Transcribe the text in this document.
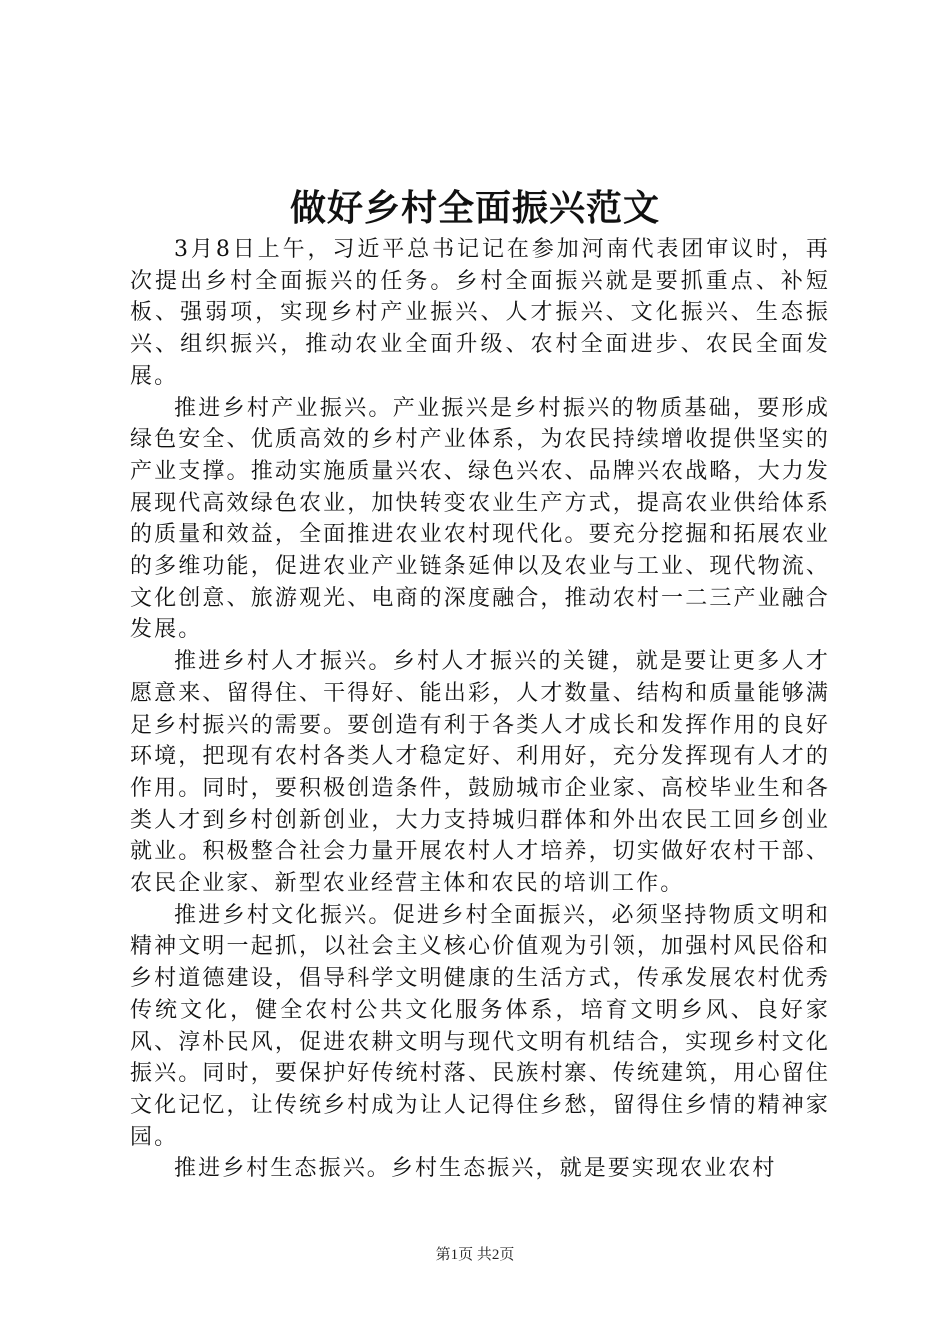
做好乡村全面振兴范文

3月8日上午，习近平总书记记在参加河南代表团审议时，再次提出乡村全面振兴的任务。乡村全面振兴就是要抓重点、补短板、强弱项，实现乡村产业振兴、人才振兴、文化振兴、生态振兴、组织振兴，推动农业全面升级、农村全面进步、农民全面发展。

推进乡村产业振兴。产业振兴是乡村振兴的物质基础，要形成绿色安全、优质高效的乡村产业体系，为农民持续增收提供坚实的产业支撑。推动实施质量兴农、绿色兴农、品牌兴农战略，大力发展现代高效绿色农业，加快转变农业生产方式，提高农业供给体系的质量和效益，全面推进农业农村现代化。要充分挖掘和拓展农业的多维功能，促进农业产业链条延伸以及农业与工业、现代物流、文化创意、旅游观光、电商的深度融合，推动农村一二三产业融合发展。

推进乡村人才振兴。乡村人才振兴的关键，就是要让更多人才愿意来、留得住、干得好、能出彩，人才数量、结构和质量能够满足乡村振兴的需要。要创造有利于各类人才成长和发挥作用的良好环境，把现有农村各类人才稳定好、利用好，充分发挥现有人才的作用。同时，要积极创造条件，鼓励城市企业家、高校毕业生和各类人才到乡村创新创业，大力支持城归群体和外出农民工回乡创业就业。积极整合社会力量开展农村人才培养，切实做好农村干部、农民企业家、新型农业经营主体和农民的培训工作。

推进乡村文化振兴。促进乡村全面振兴，必须坚持物质文明和精神文明一起抓，以社会主义核心价值观为引领，加强村风民俗和乡村道德建设，倡导科学文明健康的生活方式，传承发展农村优秀传统文化，健全农村公共文化服务体系，培育文明乡风、良好家风、淳朴民风，促进农耕文明与现代文明有机结合，实现乡村文化振兴。同时，要保护好传统村落、民族村寨、传统建筑，用心留住文化记忆，让传统乡村成为让人记得住乡愁，留得住乡情的精神家园。

推进乡村生态振兴。乡村生态振兴，就是要实现农业农村

第1页 共2页
